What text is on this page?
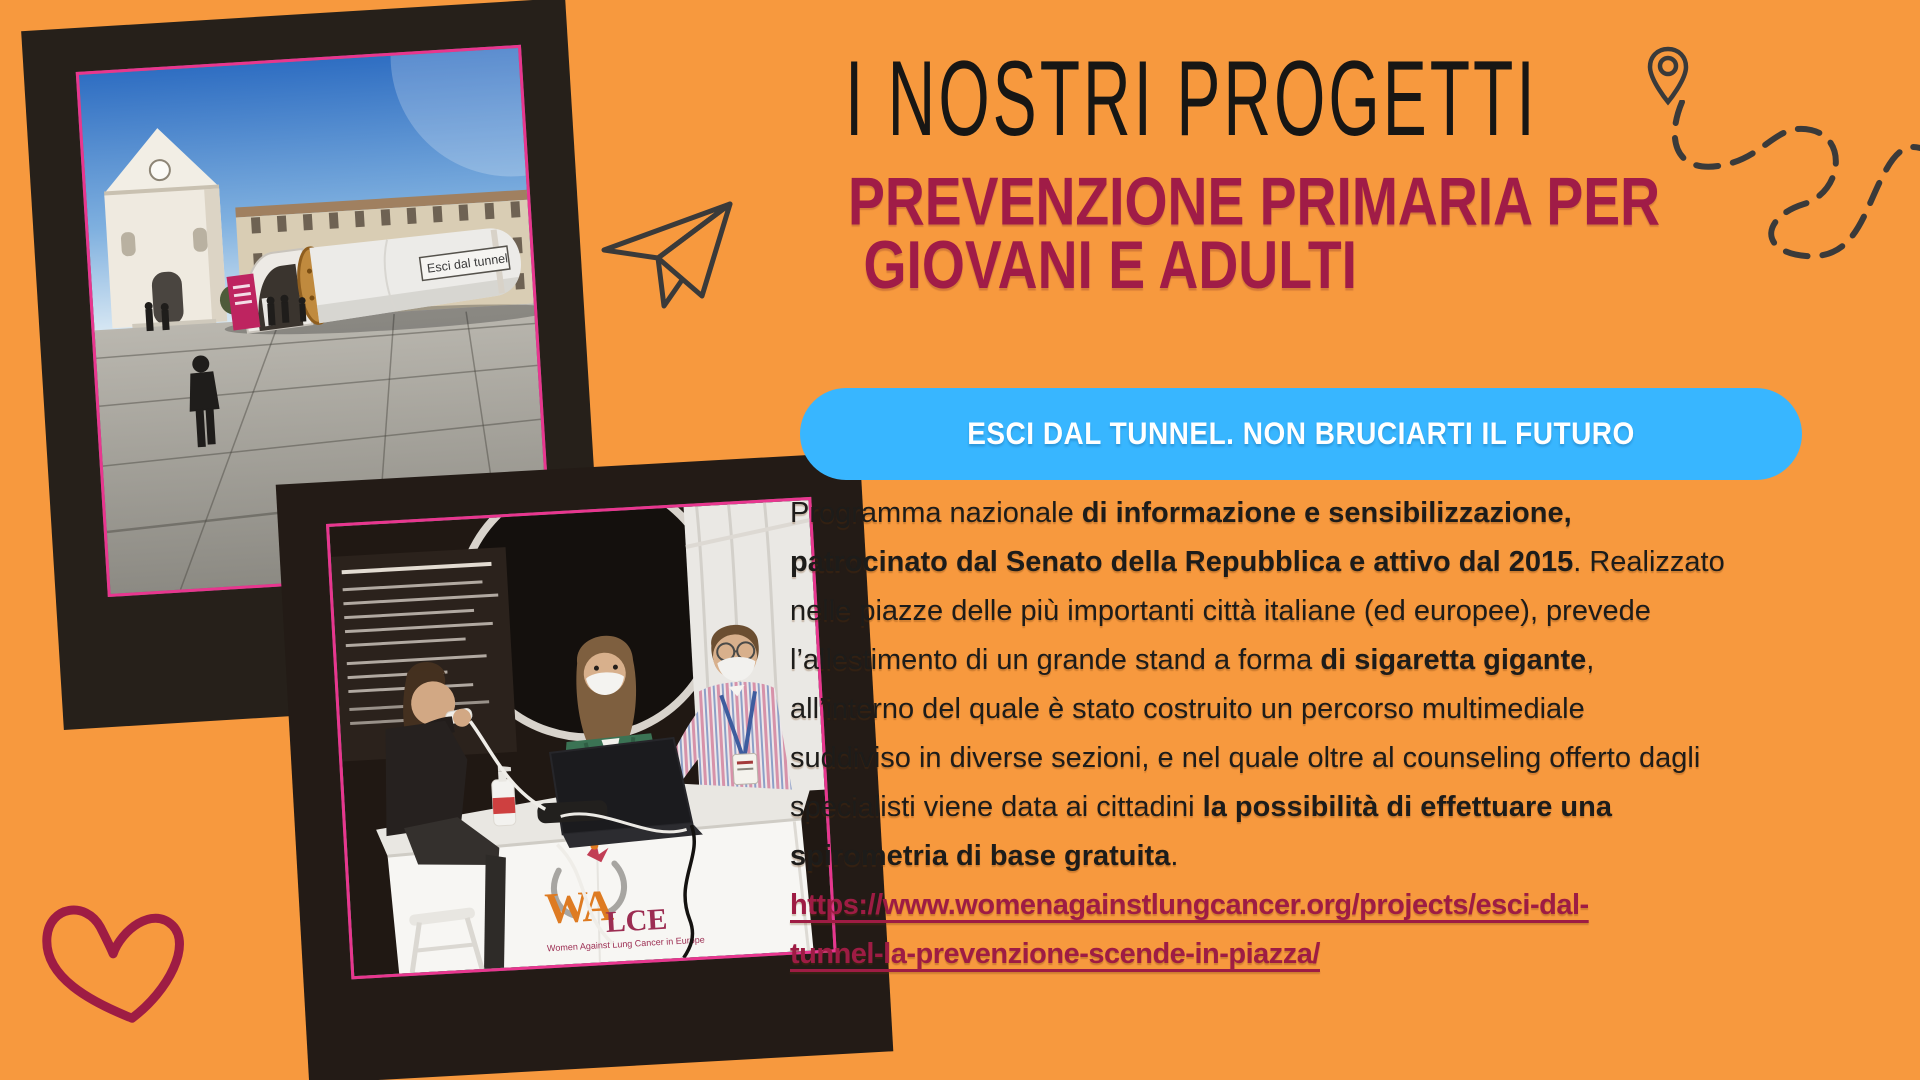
Esci dal tunnel
WA
LCE
Women Against Lung Cancer in Europe
I NOSTRI PROGETTI
PREVENZIONE PRIMARIA PER
GIOVANI E ADULTI
ESCI DAL TUNNEL. NON BRUCIARTI IL FUTURO

Programma nazionale di informazione e sensibilizzazione,
patrocinato dal Senato della Repubblica e attivo dal 2015. Realizzato
nelle piazze delle più importanti città italiane (ed europee), prevede
l’allestimento di un grande stand a forma di sigaretta gigante,
all’interno del quale è stato costruito un percorso multimediale
suddiviso in diverse sezioni, e nel quale oltre al counseling offerto dagli
specialisti viene data ai cittadini la possibilità di effettuare una
spirometria di base gratuita.

https://www.womenagainstlungcancer.org/projects/esci-dal-
tunnel-la-prevenzione-scende-in-piazza/
